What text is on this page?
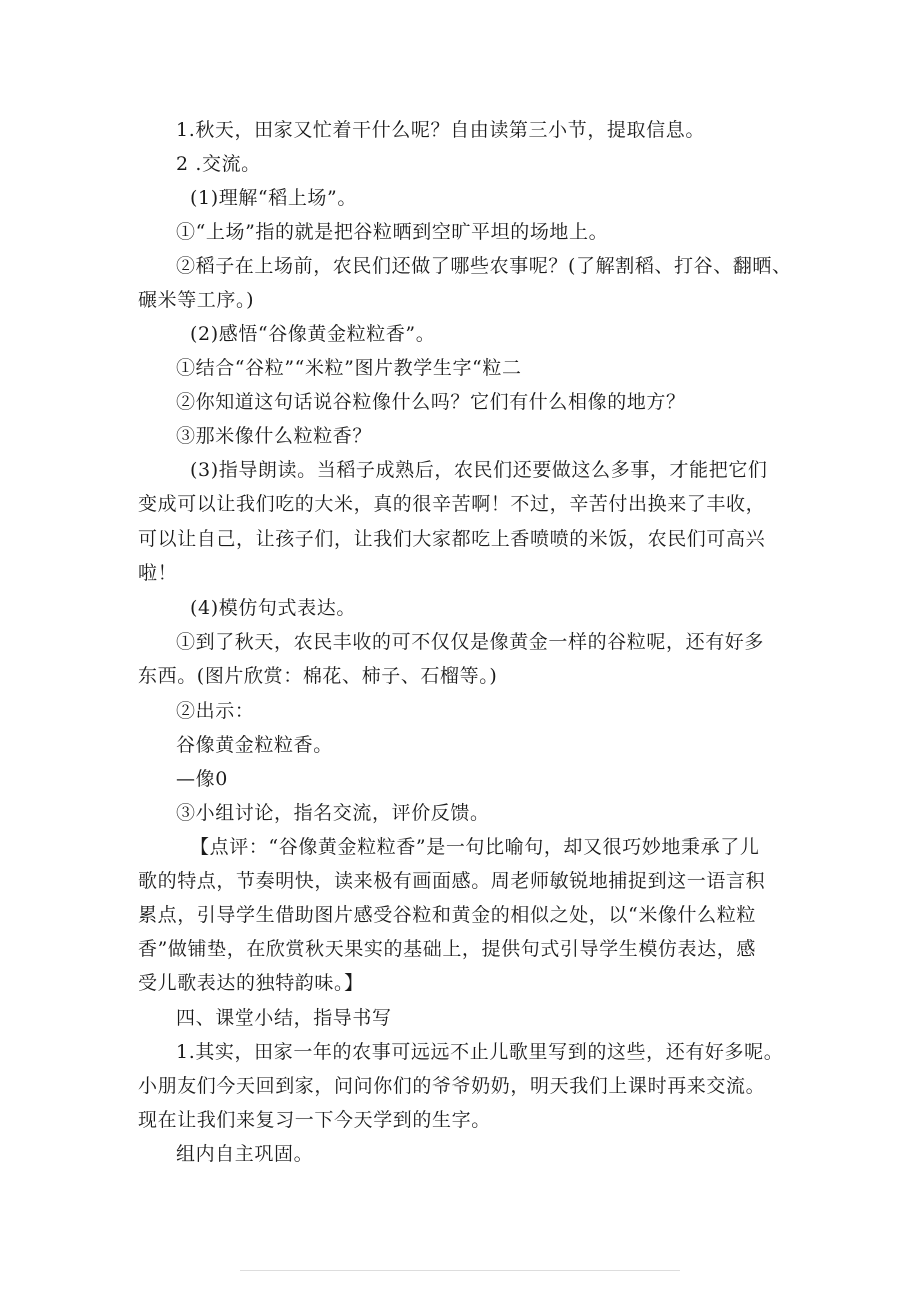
1.秋天，田家又忙着干什么呢？自由读第三小节，提取信息。
2 .交流。
(1)理解“稻上场”。
①“上场”指的就是把谷粒晒到空旷平坦的场地上。
②稻子在上场前，农民们还做了哪些农事呢？(了解割稻、打谷、翻晒、
碾米等工序。)
(2)感悟“谷像黄金粒粒香”。
①结合“谷粒”“米粒”图片教学生字“粒二
②你知道这句话说谷粒像什么吗？它们有什么相像的地方？
③那米像什么粒粒香？
(3)指导朗读。当稻子成熟后，农民们还要做这么多事，才能把它们
变成可以让我们吃的大米，真的很辛苦啊！不过，辛苦付出换来了丰收，
可以让自己，让孩子们，让我们大家都吃上香喷喷的米饭，农民们可高兴
啦！
(4)模仿句式表达。
①到了秋天，农民丰收的可不仅仅是像黄金一样的谷粒呢，还有好多
东西。(图片欣赏：棉花、柿子、石榴等。)
②出示：
谷像黄金粒粒香。
—像0
③小组讨论，指名交流，评价反馈。
【点评：“谷像黄金粒粒香”是一句比喻句，却又很巧妙地秉承了儿
歌的特点，节奏明快，读来极有画面感。周老师敏锐地捕捉到这一语言积
累点，引导学生借助图片感受谷粒和黄金的相似之处，以“米像什么粒粒
香”做铺垫，在欣赏秋天果实的基础上，提供句式引导学生模仿表达，感
受儿歌表达的独特韵味。】
四、课堂小结，指导书写
1.其实，田家一年的农事可远远不止儿歌里写到的这些，还有好多呢。
小朋友们今天回到家，问问你们的爷爷奶奶，明天我们上课时再来交流。
现在让我们来复习一下今天学到的生字。
组内自主巩固。
